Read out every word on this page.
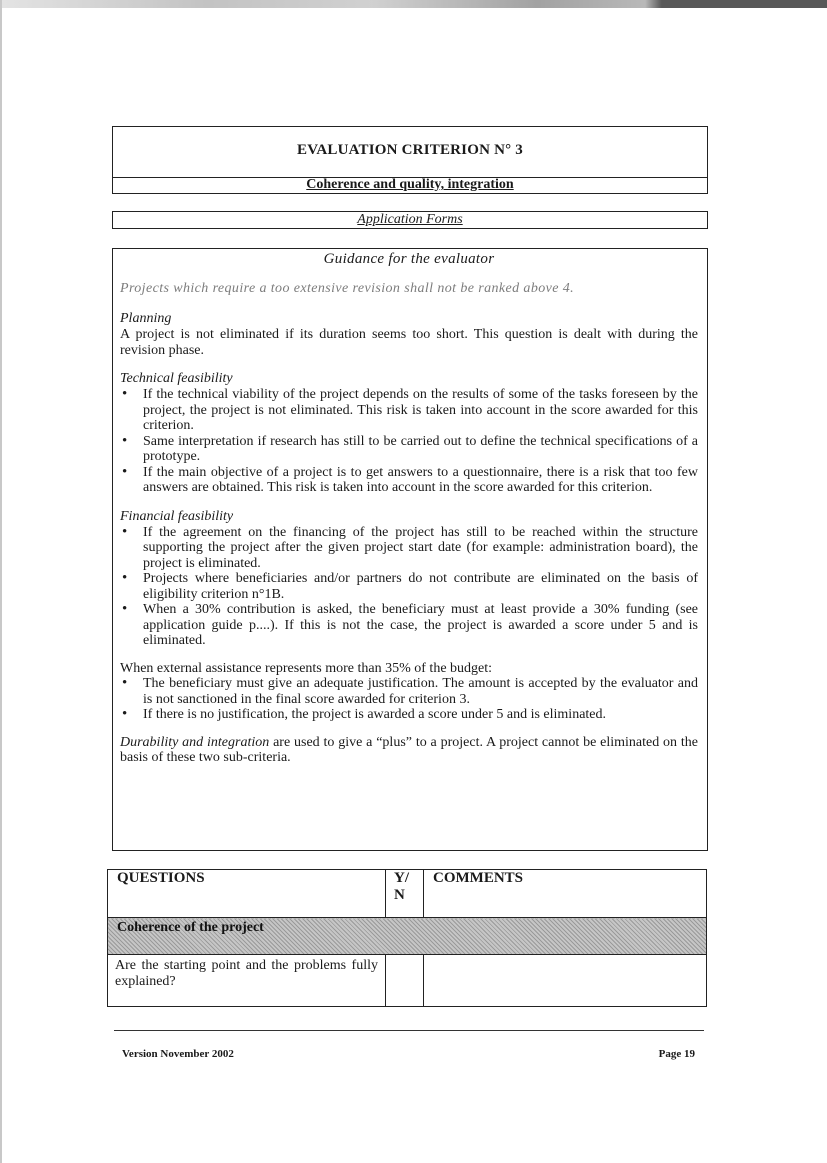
EVALUATION CRITERION N° 3
Coherence and quality, integration
Application Forms
Guidance for the evaluator
Projects which require a too extensive revision shall not be ranked above 4.
Planning

A project is not eliminated if its duration seems too short. This question is dealt with during the revision phase.

Technical feasibility
• If the technical viability of the project depends on the results of some of the tasks foreseen by the project, the project is not eliminated. This risk is taken into account in the score awarded for this criterion.
• Same interpretation if research has still to be carried out to define the technical specifications of a prototype.
• If the main objective of a project is to get answers to a questionnaire, there is a risk that too few answers are obtained. This risk is taken into account in the score awarded for this criterion.
Financial feasibility
• If the agreement on the financing of the project has still to be reached within the structure supporting the project after the given project start date (for example: administration board), the project is eliminated.
• Projects where beneficiaries and/or partners do not contribute are eliminated on the basis of eligibility criterion n°1B.
• When a 30% contribution is asked, the beneficiary must at least provide a 30% funding (see application guide p....). If this is not the case, the project is awarded a score under 5 and is eliminated.

When external assistance represents more than 35% of the budget:

• The beneficiary must give an adequate justification. The amount is accepted by the evaluator and is not sanctioned in the final score awarded for criterion 3.
• If there is no justification, the project is awarded a score under 5 and is eliminated.

Durability and integration are used to give a “plus” to a project. A project cannot be eliminated on the basis of these two sub-criteria.

QUESTIONS	Y/ N	COMMENTS
Coherence of the project		
Are the starting point and the problems fully explained?		
Version November 2002	Page 19
